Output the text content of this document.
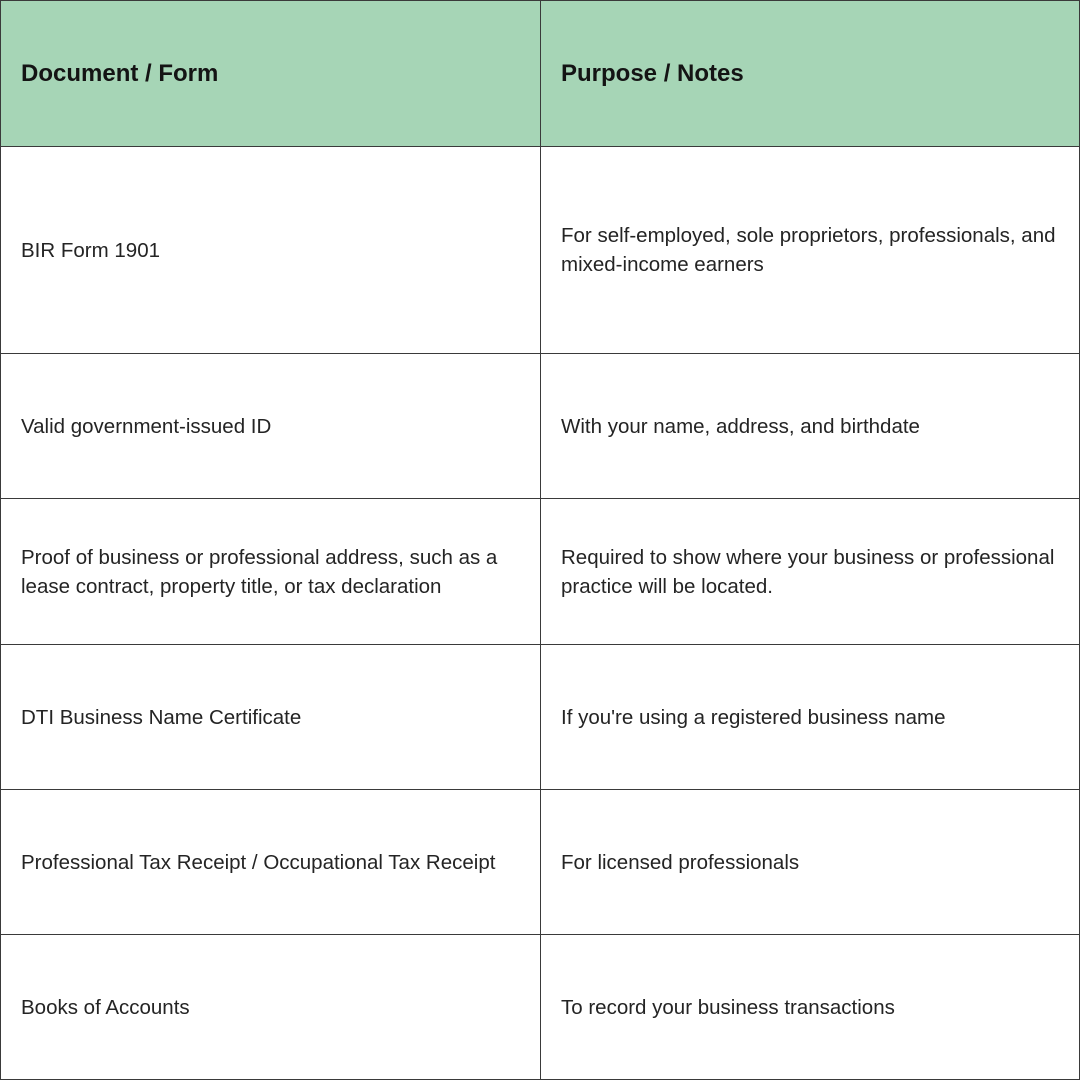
Document / Form	Purpose / Notes
BIR Form 1901	For self-employed, sole proprietors, professionals, and mixed-income earners
Valid government-issued ID	With your name, address, and birthdate
Proof of business or professional address, such as a lease contract, property title, or tax declaration	Required to show where your business or professional practice will be located.
DTI Business Name Certificate	If you're using a registered business name
Professional Tax Receipt / Occupational Tax Receipt	For licensed professionals
Books of Accounts	To record your business transactions
